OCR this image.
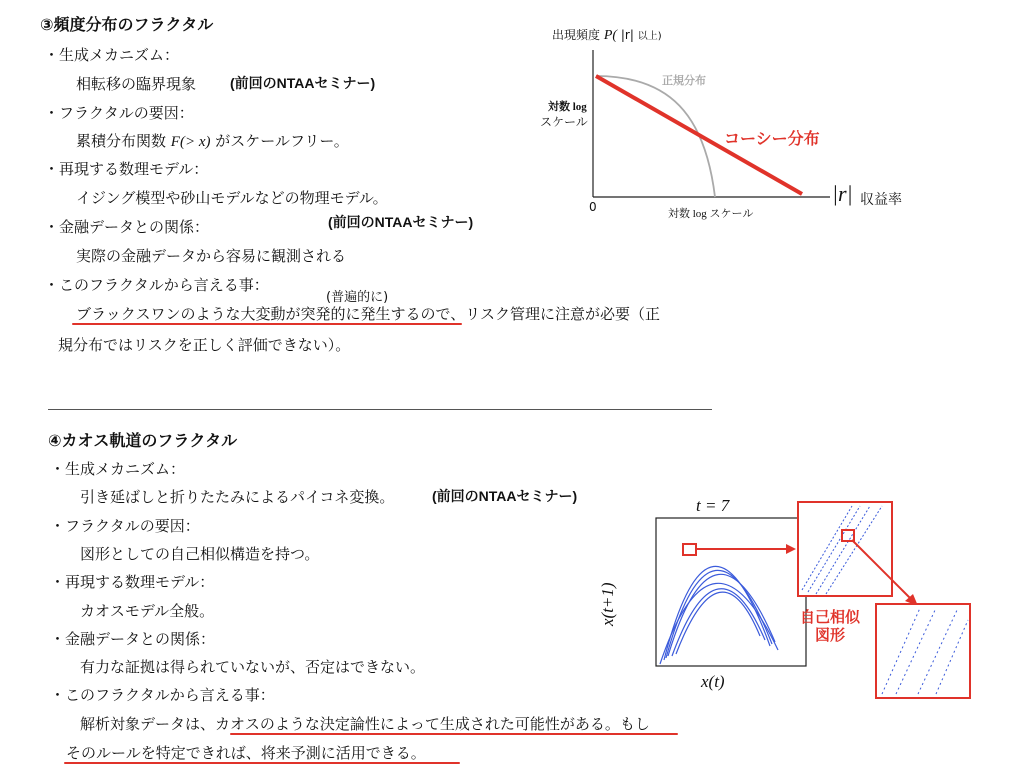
③頻度分布のフラクタル
・生成メカニズム：
相転移の臨界現象 (前回のNTAAセミナー)
・フラクタルの要因：
累積分布関数 F(> x) がスケールフリー。
・再現する数理モデル：
イジング模型や砂山モデルなどの物理モデル。
・金融データとの関係：	(前回のNTAAセミナー)
実際の金融データから容易に観測される
・このフラクタルから言える事：
(普遍的に)
ブラックスワンのような大変動が突発的に発生するので、リスク管理に注意が必要（正
規分布ではリスクを正しく評価できない）。
出現頻度 P( |r| 以上)
対数 log
スケール
0	対数 log スケール
|r| 収益率
正規分布
コーシー分布
④カオス軌道のフラクタル
・生成メカニズム：
引き延ばしと折りたたみによるパイコネ変換。	(前回のNTAAセミナー)
・フラクタルの要因：
図形としての自己相似構造を持つ。
・再現する数理モデル：
カオスモデル全般。
・金融データとの関係：
有力な証拠は得られていないが、否定はできない。
・このフラクタルから言える事：
解析対象データは、カオスのような決定論性によって生成された可能性がある。もし
そのルールを特定できれば、将来予測に活用できる。
t = 7
x(t)
x(t+1)	自己相似
図形
